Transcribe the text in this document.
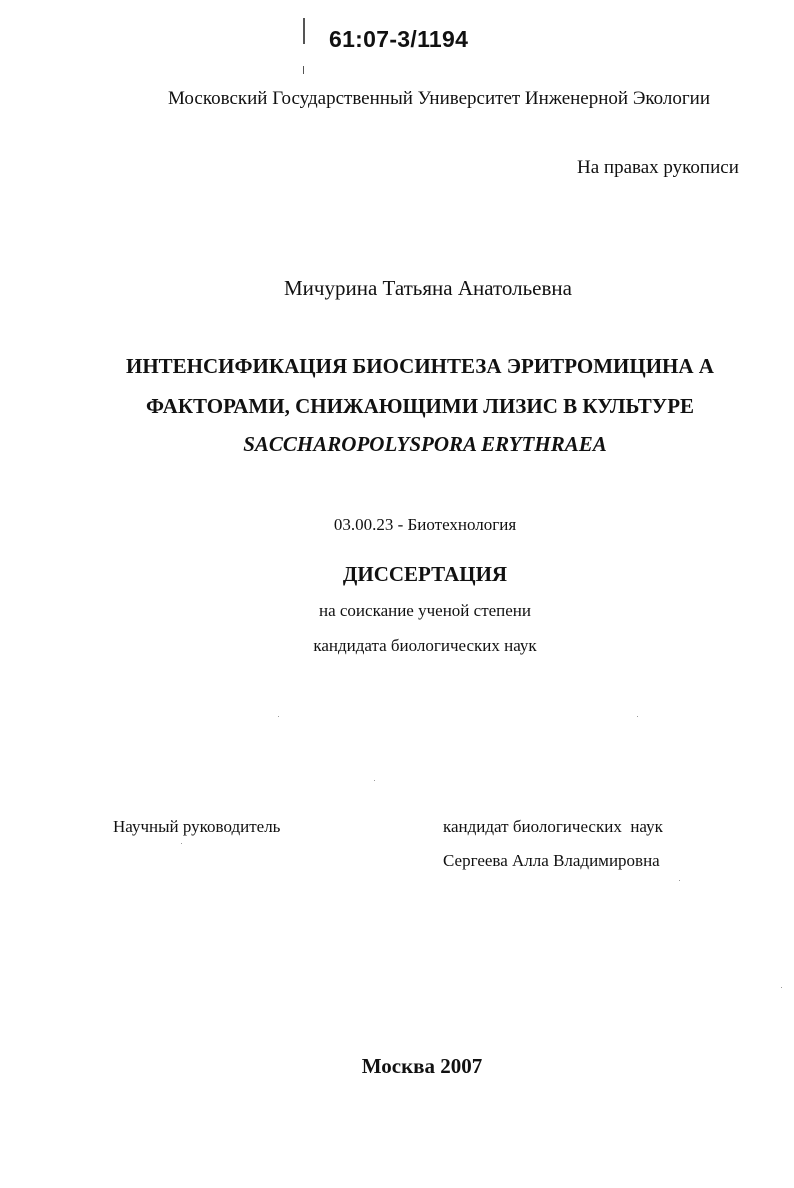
61:07-3/1194
Московский Государственный Университет Инженерной Экологии
На правах рукописи
Мичурина Татьяна Анатольевна
ИНТЕНСИФИКАЦИЯ БИОСИНТЕЗА ЭРИТРОМИЦИНА А
ФАКТОРАМИ, СНИЖАЮЩИМИ ЛИЗИС В КУЛЬТУРЕ
SACCHAROPOLYSPORA ERYTHRAEA
03.00.23 - Биотехнология
ДИССЕРТАЦИЯ
на соискание ученой степени
кандидата биологических наук
Научный руководитель	кандидат биологических  наук
Сергеева Алла Владимировна
Москва 2007
